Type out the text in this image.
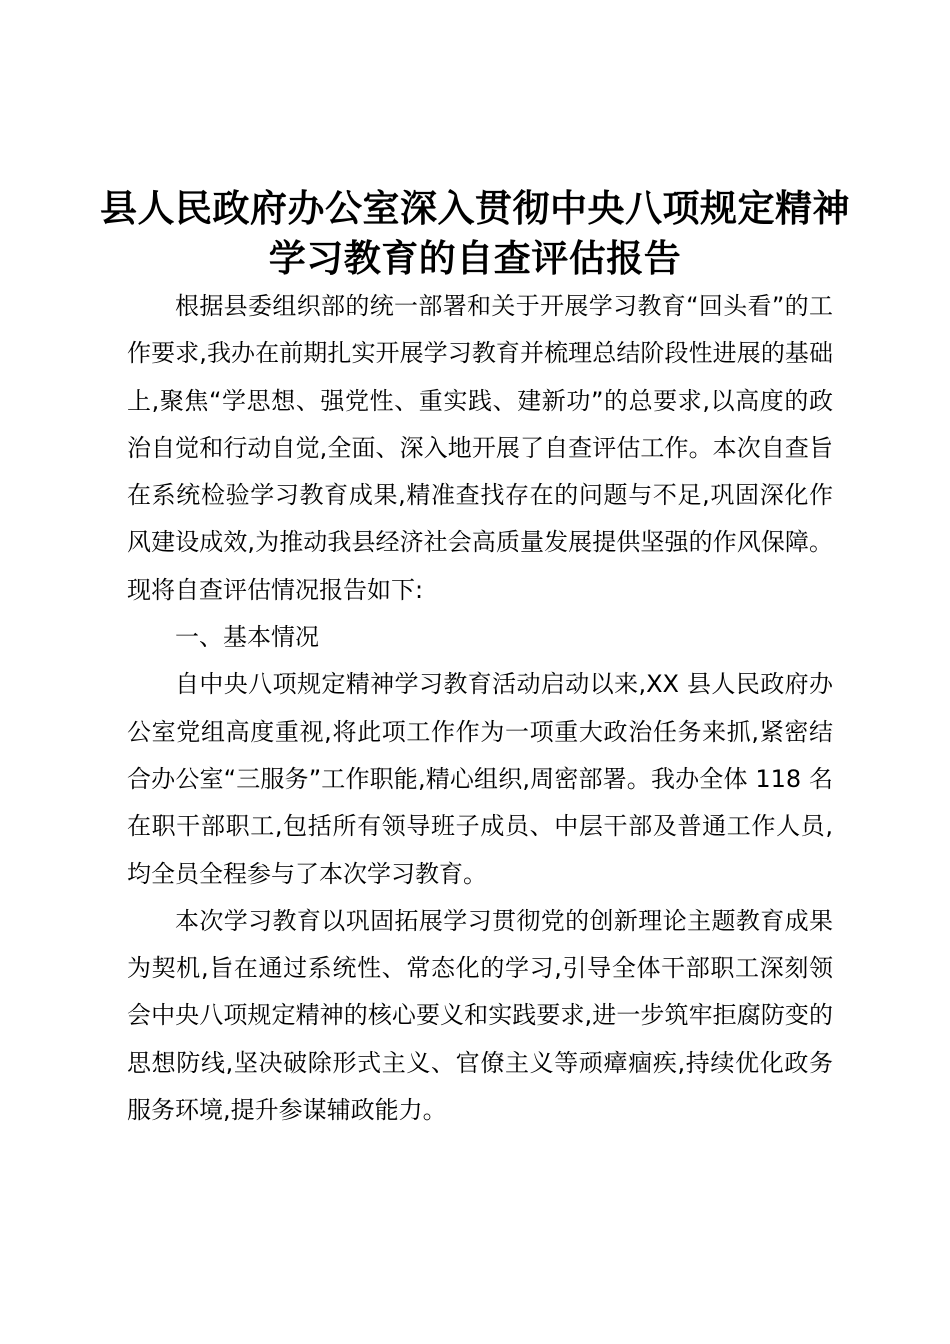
县人民政府办公室深入贯彻中央八项规定精神学习教育的自查评估报告

根据县委组织部的统一部署和关于开展学习教育“回头看”的工作要求,我办在前期扎实开展学习教育并梳理总结阶段性进展的基础上,聚焦“学思想、强党性、重实践、建新功”的总要求,以高度的政治自觉和行动自觉,全面、深入地开展了自查评估工作。本次自查旨在系统检验学习教育成果,精准查找存在的问题与不足,巩固深化作风建设成效,为推动我县经济社会高质量发展提供坚强的作风保障。现将自查评估情况报告如下:

一、基本情况

自中央八项规定精神学习教育活动启动以来,XX 县人民政府办公室党组高度重视,将此项工作作为一项重大政治任务来抓,紧密结合办公室“三服务”工作职能,精心组织,周密部署。我办全体 118 名在职干部职工,包括所有领导班子成员、中层干部及普通工作人员,均全员全程参与了本次学习教育。

本次学习教育以巩固拓展学习贯彻党的创新理论主题教育成果为契机,旨在通过系统性、常态化的学习,引导全体干部职工深刻领会中央八项规定精神的核心要义和实践要求,进一步筑牢拒腐防变的思想防线,坚决破除形式主义、官僚主义等顽瘴痼疾,持续优化政务服务环境,提升参谋辅政能力。
